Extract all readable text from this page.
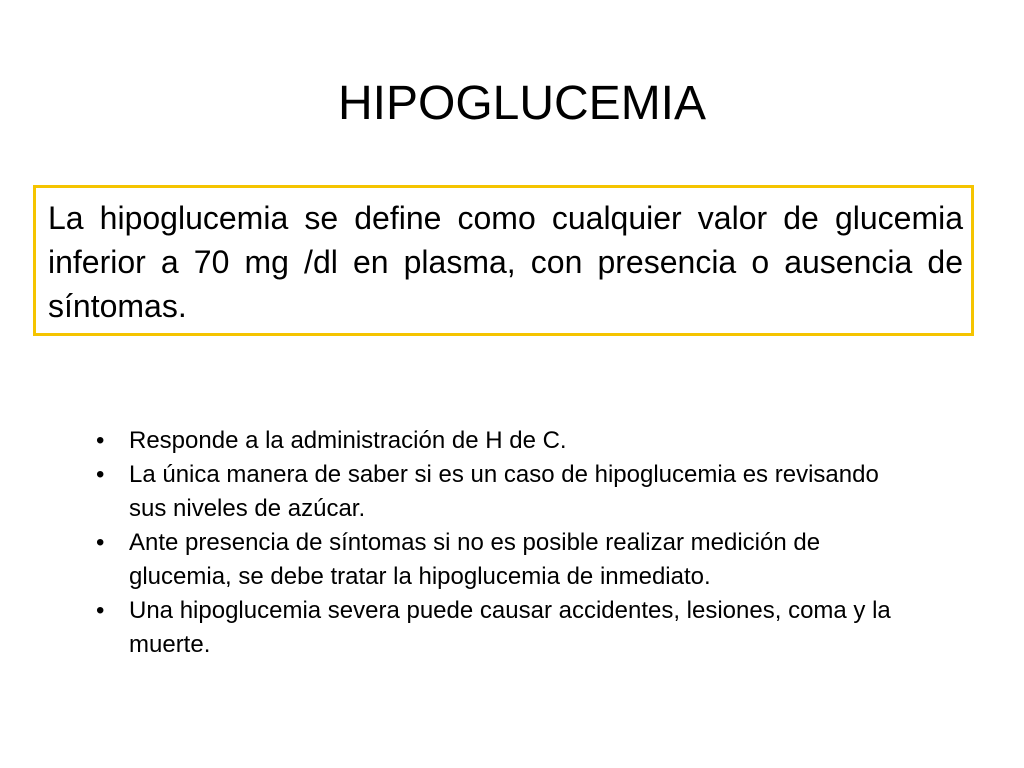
HIPOGLUCEMIA

La hipoglucemia se define como cualquier valor de glucemia inferior a 70 mg /dl en plasma, con presencia o ausencia de síntomas.

• Responde a la administración de H de C.
• La única manera de saber si es un caso de hipoglucemia es revisando sus niveles de azúcar.
• Ante presencia de síntomas si no es posible realizar medición de glucemia, se debe tratar la hipoglucemia de inmediato.
• Una hipoglucemia severa puede causar accidentes, lesiones, coma y la muerte.
